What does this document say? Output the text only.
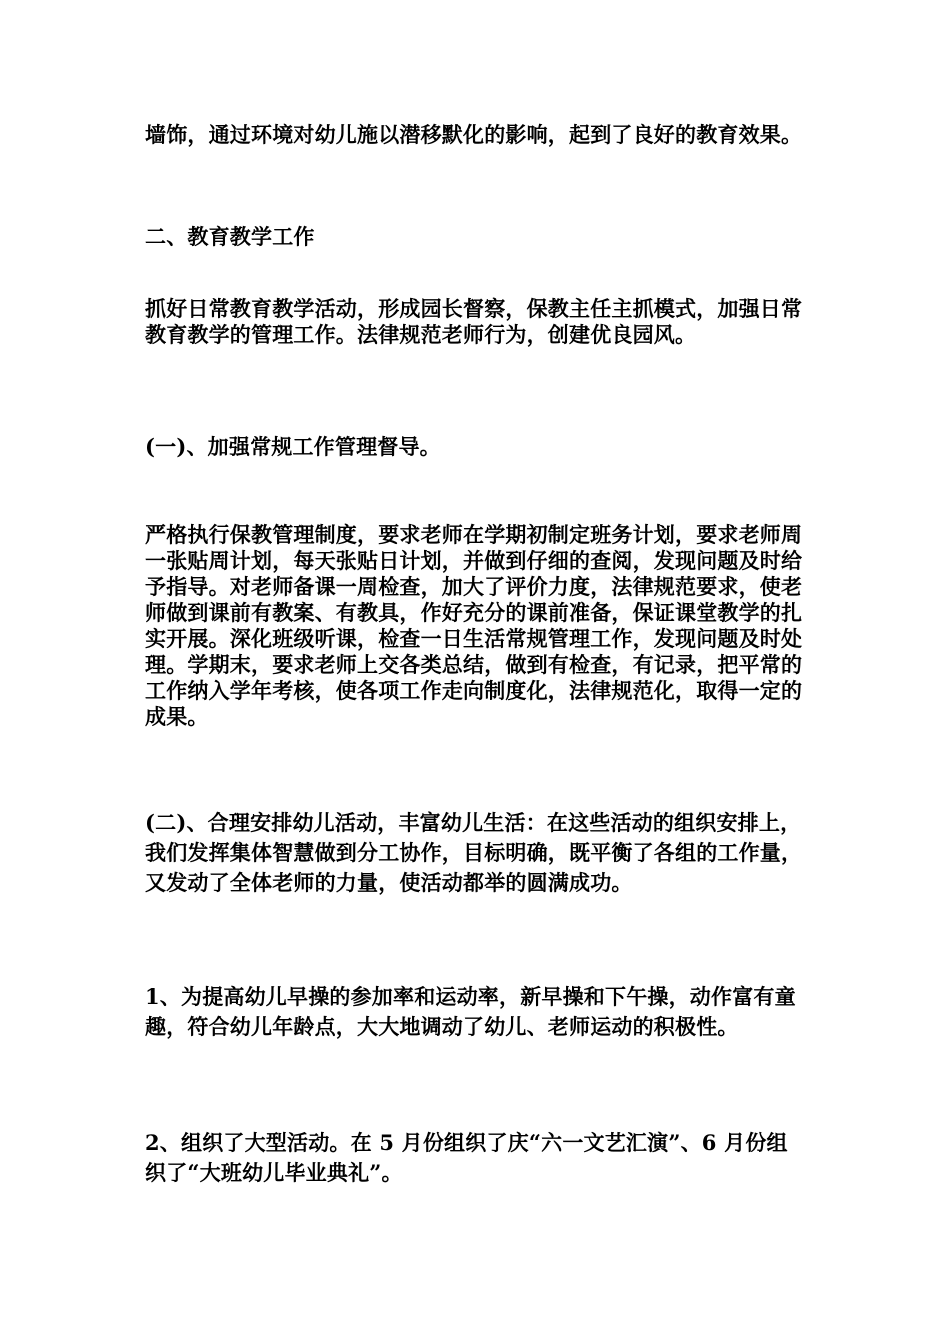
墙饰，通过环境对幼儿施以潜移默化的影响，起到了良好的教育效果。

二、教育教学工作

抓好日常教育教学活动，形成园长督察，保教主任主抓模式，加强日常教育教学的管理工作。法律规范老师行为，创建优良园风。

(一)、加强常规工作管理督导。

严格执行保教管理制度，要求老师在学期初制定班务计划，要求老师周一张贴周计划，每天张贴日计划，并做到仔细的查阅，发现问题及时给予指导。对老师备课一周检查，加大了评价力度，法律规范要求，使老师做到课前有教案、有教具，作好充分的课前准备，保证课堂教学的扎实开展。深化班级听课，检查一日生活常规管理工作，发现问题及时处理。学期末，要求老师上交各类总结，做到有检查，有记录，把平常的工作纳入学年考核，使各项工作走向制度化，法律规范化，取得一定的成果。

(二)、合理安排幼儿活动，丰富幼儿生活：在这些活动的组织安排上，我们发挥集体智慧做到分工协作，目标明确，既平衡了各组的工作量，又发动了全体老师的力量，使活动都举的圆满成功。

1、为提高幼儿早操的参加率和运动率，新早操和下午操，动作富有童趣，符合幼儿年龄点，大大地调动了幼儿、老师运动的积极性。

2、组织了大型活动。在 5 月份组织了庆“六一文艺汇演”、6 月份组织了“大班幼儿毕业典礼”。
